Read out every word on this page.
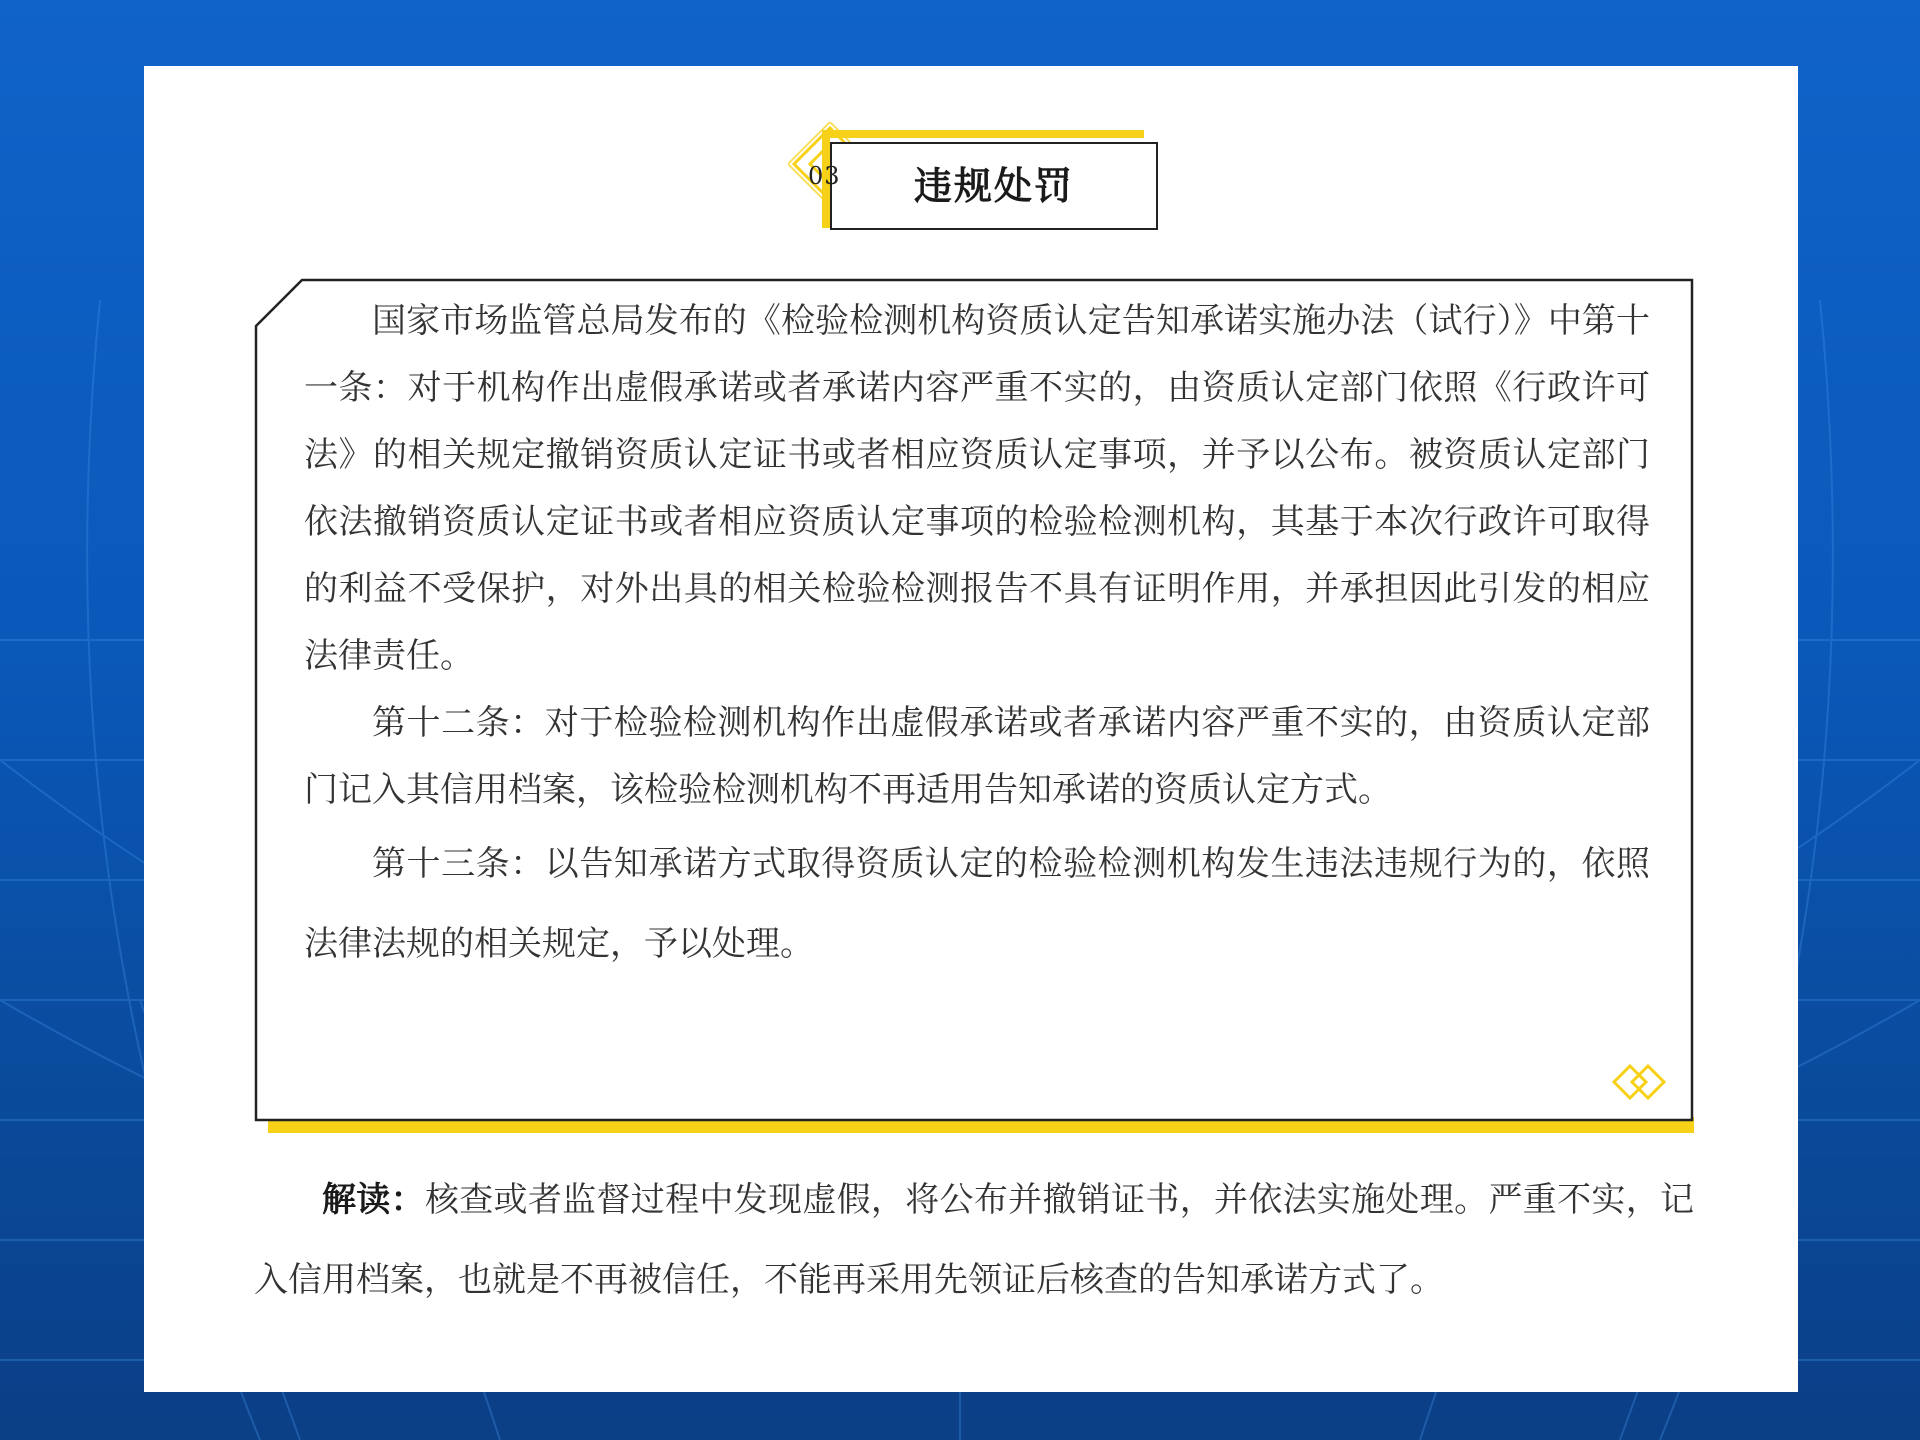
03	违规处罚

国家市场监管总局发布的《检验检测机构资质认定告知承诺实施办法（试行）》中第十一条：对于机构作出虚假承诺或者承诺内容严重不实的，由资质认定部门依照《行政许可法》的相关规定撤销资质认定证书或者相应资质认定事项，并予以公布。被资质认定部门依法撤销资质认定证书或者相应资质认定事项的检验检测机构，其基于本次行政许可取得的利益不受保护，对外出具的相关检验检测报告不具有证明作用，并承担因此引发的相应法律责任。

第十二条：对于检验检测机构作出虚假承诺或者承诺内容严重不实的，由资质认定部门记入其信用档案，该检验检测机构不再适用告知承诺的资质认定方式。

第十三条：以告知承诺方式取得资质认定的检验检测机构发生违法违规行为的，依照法律法规的相关规定，予以处理。

解读：核查或者监督过程中发现虚假，将公布并撤销证书，并依法实施处理。严重不实，记入信用档案，也就是不再被信任，不能再采用先领证后核查的告知承诺方式了。
